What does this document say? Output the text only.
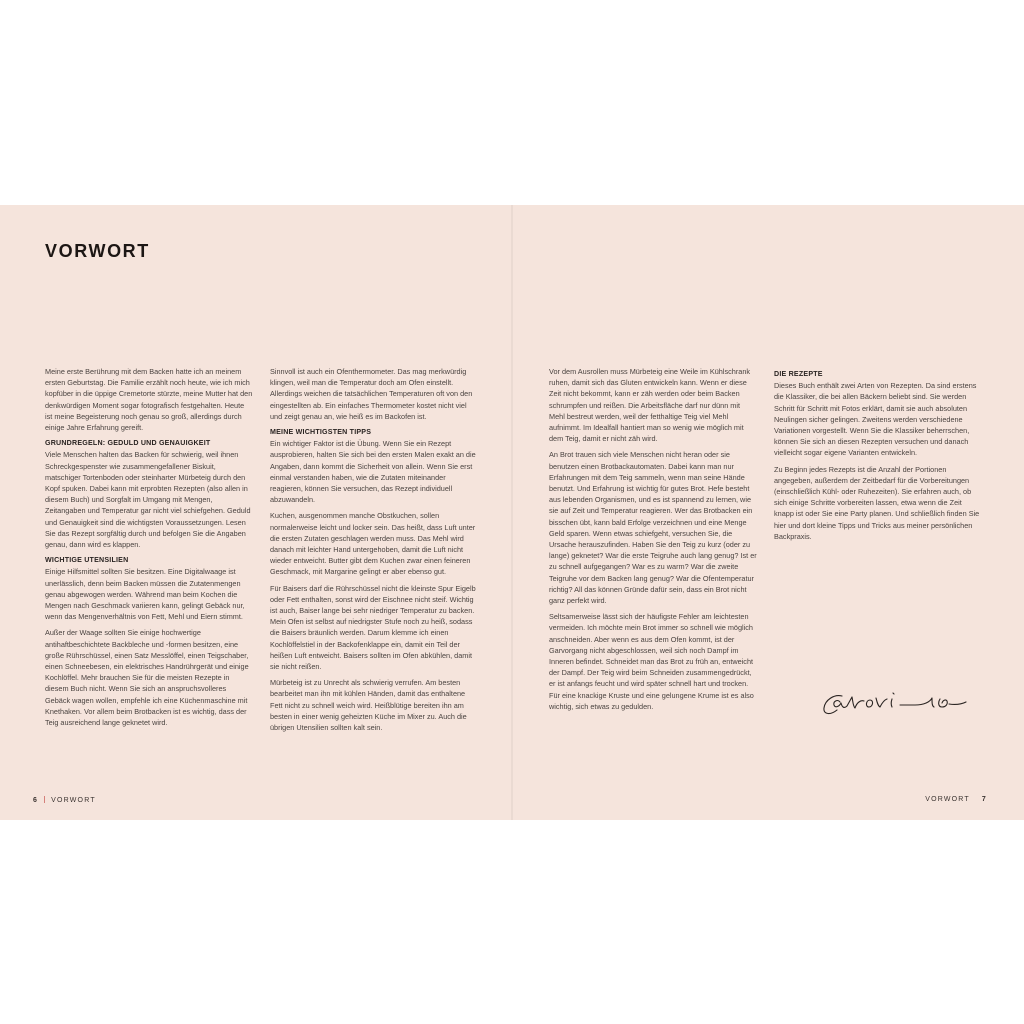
VORWORT

Meine erste Berührung mit dem Backen hatte ich an meinem ersten Geburtstag. Die Familie erzählt noch heute, wie ich mich kopfüber in die üppige Cremetorte stürzte, meine Mutter hat den denkwürdigen Moment sogar fotografisch festgehalten. Heute ist meine Begeisterung noch genau so groß, allerdings durch einige Jahre Erfahrung gereift.

GRUNDREGELN: GEDULD UND GENAUIGKEIT

Viele Menschen halten das Backen für schwierig, weil ihnen Schreckgespenster wie zusammengefallener Biskuit, matschiger Tortenboden oder steinharter Mürbeteig durch den Kopf spuken. Dabei kann mit erprobten Rezepten (also allen in diesem Buch) und Sorgfalt im Umgang mit Mengen, Zeitangaben und Temperatur gar nicht viel schiefgehen. Geduld und Genauigkeit sind die wichtigsten Voraussetzungen. Lesen Sie das Rezept sorgfältig durch und befolgen Sie die Angaben genau, dann wird es klappen.

WICHTIGE UTENSILIEN

Einige Hilfsmittel sollten Sie besitzen. Eine Digitalwaage ist unerlässlich, denn beim Backen müssen die Zutatenmengen genau abgewogen werden. Während man beim Kochen die Mengen nach Geschmack variieren kann, gelingt Gebäck nur, wenn das Mengenverhältnis von Fett, Mehl und Eiern stimmt.

Außer der Waage sollten Sie einige hochwertige antihaftbeschichtete Backbleche und -formen besitzen, eine große Rührschüssel, einen Satz Messlöffel, einen Teigschaber, einen Schneebesen, ein elektrisches Handrührgerät und einige Kochlöffel. Mehr brauchen Sie für die meisten Rezepte in diesem Buch nicht. Wenn Sie sich an anspruchsvolleres Gebäck wagen wollen, empfehle ich eine Küchenmaschine mit Knethaken. Vor allem beim Brotbacken ist es wichtig, dass der Teig ausreichend lange geknetet wird.

Sinnvoll ist auch ein Ofenthermometer. Das mag merkwürdig klingen, weil man die Temperatur doch am Ofen einstellt. Allerdings weichen die tatsächlichen Temperaturen oft von den eingestellten ab. Ein einfaches Thermometer kostet nicht viel und zeigt genau an, wie heiß es im Backofen ist.

MEINE WICHTIGSTEN TIPPS

Ein wichtiger Faktor ist die Übung. Wenn Sie ein Rezept ausprobieren, halten Sie sich bei den ersten Malen exakt an die Angaben, dann kommt die Sicherheit von allein. Wenn Sie erst einmal verstanden haben, wie die Zutaten miteinander reagieren, können Sie versuchen, das Rezept individuell abzuwandeln.

Kuchen, ausgenommen manche Obstkuchen, sollen normalerweise leicht und locker sein. Das heißt, dass Luft unter die ersten Zutaten geschlagen werden muss. Das Mehl wird danach mit leichter Hand untergehoben, damit die Luft nicht wieder entweicht. Butter gibt dem Kuchen zwar einen feineren Geschmack, mit Margarine gelingt er aber ebenso gut.

Für Baisers darf die Rührschüssel nicht die kleinste Spur Eigelb oder Fett enthalten, sonst wird der Eischnee nicht steif. Wichtig ist auch, Baiser lange bei sehr niedriger Temperatur zu backen. Mein Ofen ist selbst auf niedrigster Stufe noch zu heiß, sodass die Baisers bräunlich werden. Darum klemme ich einen Kochlöffelstiel in der Backofenklappe ein, damit ein Teil der heißen Luft entweicht. Baisers sollten im Ofen abkühlen, damit sie nicht reißen.

Mürbeteig ist zu Unrecht als schwierig verrufen. Am besten bearbeitet man ihn mit kühlen Händen, damit das enthaltene Fett nicht zu schnell weich wird. Heißblütige bereiten ihn am besten in einer wenig geheizten Küche im Mixer zu. Auch die übrigen Utensilien sollten kalt sein.

Vor dem Ausrollen muss Mürbeteig eine Weile im Kühlschrank ruhen, damit sich das Gluten entwickeln kann. Wenn er diese Zeit nicht bekommt, kann er zäh werden oder beim Backen schrumpfen und reißen. Die Arbeitsfläche darf nur dünn mit Mehl bestreut werden, weil der fetthaltige Teig viel Mehl aufnimmt. Im Idealfall hantiert man so wenig wie möglich mit dem Teig, damit er nicht zäh wird.

An Brot trauen sich viele Menschen nicht heran oder sie benutzen einen Brotbackautomaten. Dabei kann man nur Erfahrungen mit dem Teig sammeln, wenn man seine Hände benutzt. Und Erfahrung ist wichtig für gutes Brot. Hefe besteht aus lebenden Organismen, und es ist spannend zu lernen, wie sie auf Zeit und Temperatur reagieren. Wer das Brotbacken ein bisschen übt, kann bald Erfolge verzeichnen und eine Menge Geld sparen. Wenn etwas schiefgeht, versuchen Sie, die Ursache herauszufinden. Haben Sie den Teig zu kurz (oder zu lange) geknetet? War die erste Teigruhe auch lang genug? Ist er zu schnell aufgegangen? War es zu warm? War die zweite Teigruhe vor dem Backen lang genug? War die Ofentemperatur richtig? All das können Gründe dafür sein, dass ein Brot nicht ganz perfekt wird.

Seltsamerweise lässt sich der häufigste Fehler am leichtesten vermeiden. Ich möchte mein Brot immer so schnell wie möglich anschneiden. Aber wenn es aus dem Ofen kommt, ist der Garvorgang nicht abgeschlossen, weil sich noch Dampf im Inneren befindet. Schneidet man das Brot zu früh an, entweicht der Dampf. Der Teig wird beim Schneiden zusammengedrückt, er ist anfangs feucht und wird später schnell hart und trocken. Für eine knackige Kruste und eine gelungene Krume ist es also wichtig, sich etwas zu gedulden.

DIE REZEPTE

Dieses Buch enthält zwei Arten von Rezepten. Da sind erstens die Klassiker, die bei allen Bäckern beliebt sind. Sie werden Schritt für Schritt mit Fotos erklärt, damit sie auch absoluten Neulingen sicher gelingen. Zweitens werden verschiedene Variationen vorgestellt. Wenn Sie die Klassiker beherrschen, können Sie sich an diesen Rezepten versuchen und danach vielleicht sogar eigene Varianten entwickeln.

Zu Beginn jedes Rezepts ist die Anzahl der Portionen angegeben, außerdem der Zeitbedarf für die Vorbereitungen (einschließlich Kühl- oder Ruhezeiten). Sie erfahren auch, ob sich einige Schritte vorbereiten lassen, etwa wenn die Zeit knapp ist oder Sie eine Party planen. Und schließlich finden Sie hier und dort kleine Tipps und Tricks aus meiner persönlichen Backpraxis.

6 VORWORT	VORWORT 7
